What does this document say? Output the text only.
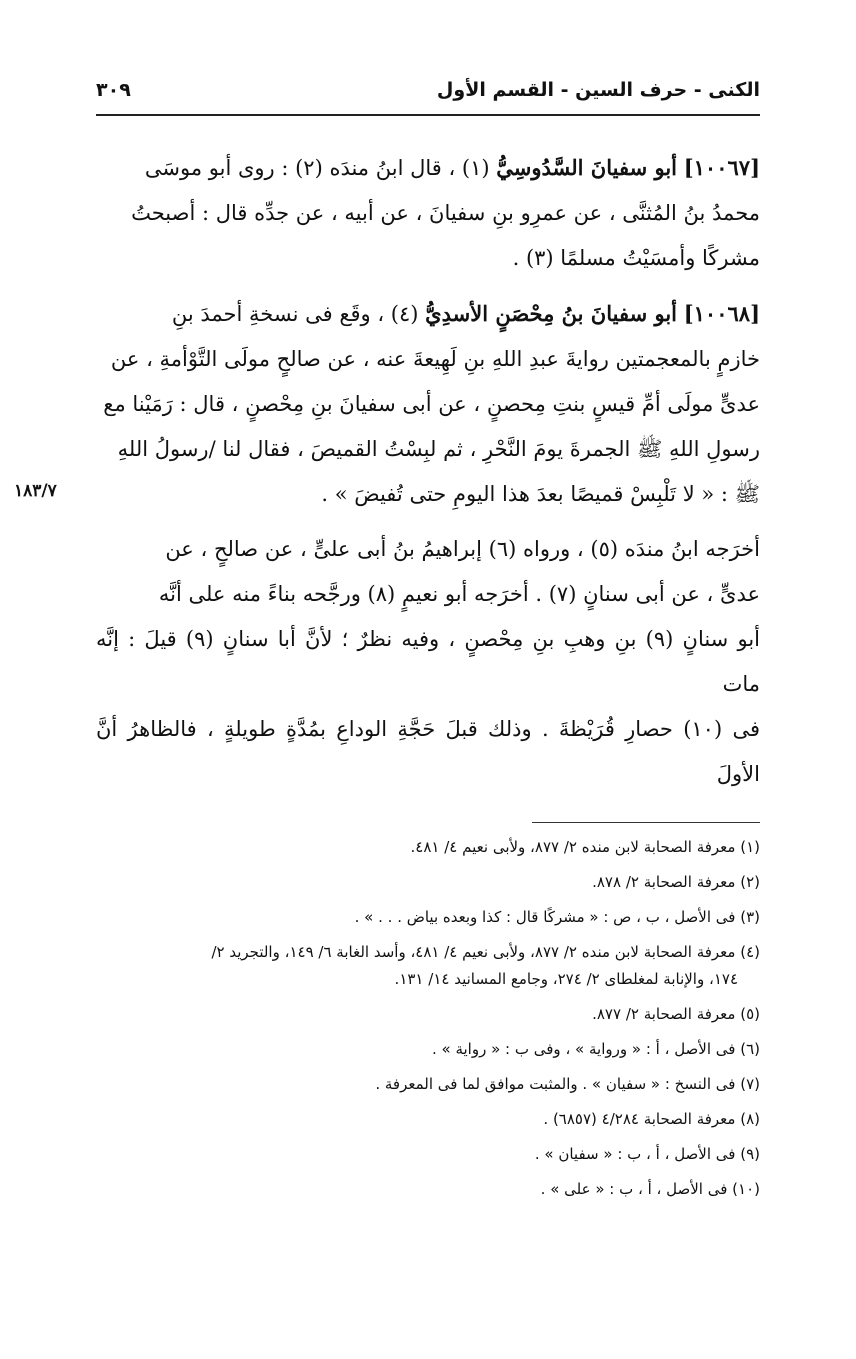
الكنى - حرف السين - القسم الأول
٣٠٩
١٨٣/٧

[١٠٠٦٧] أبو سفيانَ السَّدُوسِيُّ (١) ، قال ابنُ مندَه (٢) : روى أبو موسَى

محمدُ بنُ المُثنَّى ، عن عمرِو بنِ سفيانَ ، عن أبيه ، عن جدِّه قال : أصبحتُ

مشركًا وأمسَيْتُ مسلمًا (٣) .

[١٠٠٦٨] أبو سفيانَ بنُ مِحْصَنٍ الأسدِيُّ (٤) ، وقَع فى نسخةِ أحمدَ بنِ

خازمٍ بالمعجمتين روايةَ عبدِ اللهِ بنِ لَهِيعةَ عنه ، عن صالحٍ مولَى التَّوْأمةِ ، عن

عدىٍّ مولَى أمِّ قيسٍ بنتِ مِحصنٍ ، عن أبى سفيانَ بنِ مِحْصنٍ ، قال : رَمَيْنا مع

رسولِ اللهِ ﷺ الجمرةَ يومَ النَّحْرِ ، ثم لبِسْتُ القميصَ ، فقال لنا /رسولُ اللهِ

ﷺ : « لا تَلْبِسْ قميصًا بعدَ هذا اليومِ حتى تُفيضَ » .

أخرَجه ابنُ مندَه (٥) ، ورواه (٦) إبراهيمُ بنُ أبى علىٍّ ، عن صالحٍ ، عن

عدىٍّ ، عن أبى سنانٍ (٧) . أخرَجه أبو نعيمٍ (٨) ورجَّحه بناءً منه على أنَّه

أبو سنانٍ (٩) بنِ وهبِ بنِ مِحْصنٍ ، وفيه نظرٌ ؛ لأنَّ أبا سنانٍ (٩) قيلَ : إنَّه مات

فى (١٠) حصارِ قُرَيْظةَ . وذلك قبلَ حَجَّةِ الوداعِ بمُدَّةٍ طويلةٍ ، فالظاهرُ أنَّ الأولَ

(١) معرفة الصحابة لابن منده ٢/ ٨٧٧، ولأبى نعيم ٤/ ٤٨١.

(٢) معرفة الصحابة ٢/ ٨٧٨.

(٣) فى الأصل ، ب ، ص : « مشركًا قال : كذا وبعده بياض . . . » .

(٤) معرفة الصحابة لابن منده ٢/ ٨٧٧، ولأبى نعيم ٤/ ٤٨١، وأسد الغابة ٦/ ١٤٩، والتجريد ٢/

١٧٤، والإنابة لمغلطاى ٢/ ٢٧٤، وجامع المسانيد ١٤/ ١٣١.

(٥) معرفة الصحابة ٢/ ٨٧٧.

(٦) فى الأصل ، أ : « ورواية » ، وفى ب : « رواية » .

(٧) فى النسخ : « سفيان » . والمثبت موافق لما فى المعرفة .

(٨) معرفة الصحابة ٤/٢٨٤ (٦٨٥٧) .

(٩) فى الأصل ، أ ، ب : « سفيان » .

(١٠) فى الأصل ، أ ، ب : « على » .
